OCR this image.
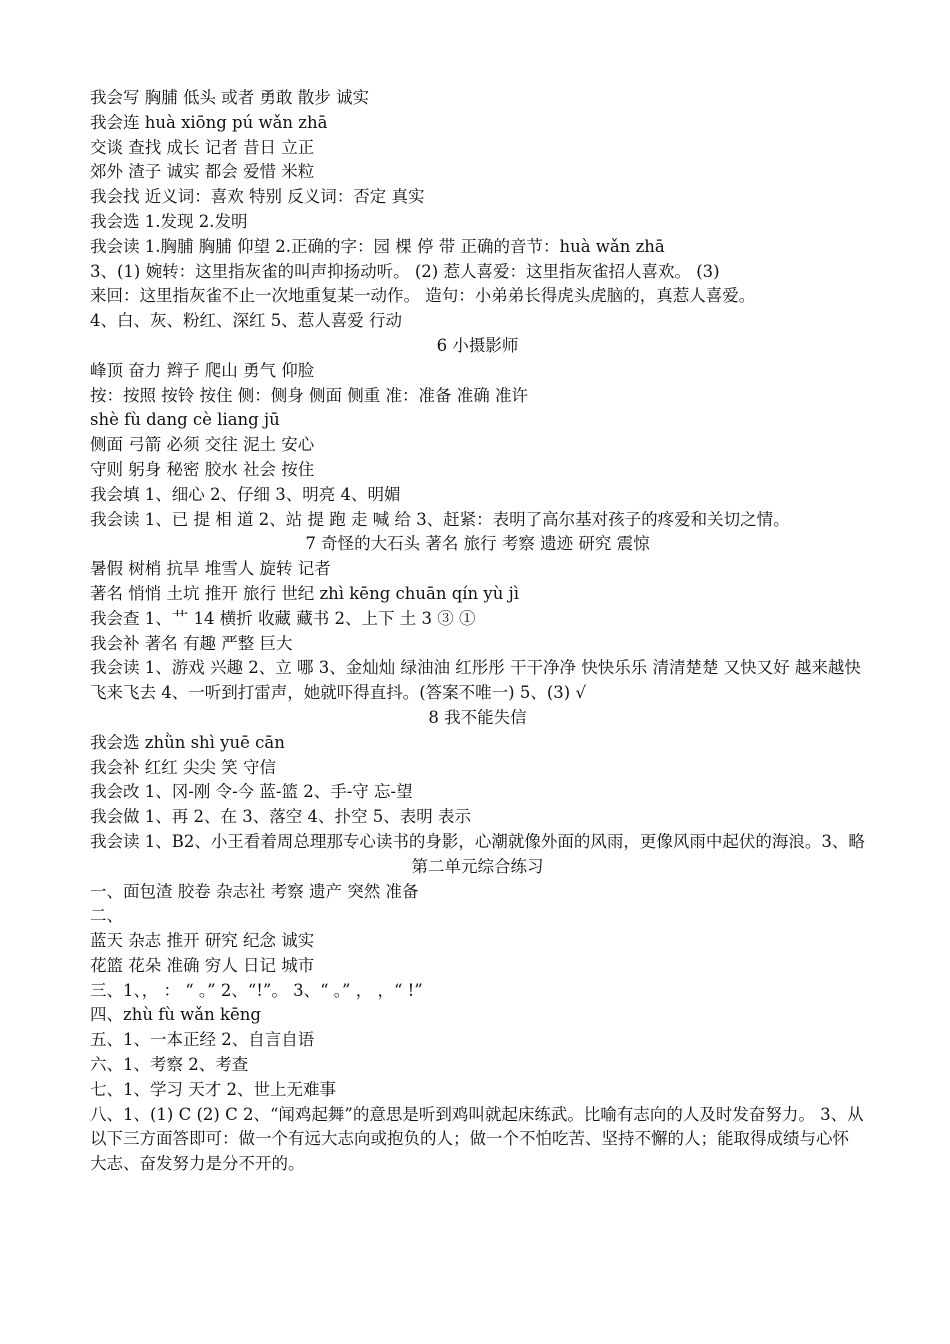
我会写 胸脯 低头 或者 勇敢 散步 诚实
我会连 huà xiōng pú wǎn zhā
交谈 查找 成长 记者 昔日 立正
郊外 渣子 诚实 都会 爱惜 米粒
我会找 近义词：喜欢 特别 反义词：否定 真实
我会选 1.发现 2.发明
我会读 1.胸脯 胸脯 仰望 2.正确的字：园 棵 停 带 正确的音节：huà wǎn zhā
3、(1) 婉转：这里指灰雀的叫声抑扬动听。 (2) 惹人喜爱：这里指灰雀招人喜欢。 (3)
来回：这里指灰雀不止一次地重复某一动作。 造句：小弟弟长得虎头虎脑的，真惹人喜爱。
4、白、灰、粉红、深红 5、惹人喜爱 行动
6 小摄影师
峰顶 奋力 辫子 爬山 勇气 仰脸
按：按照 按铃 按住 侧：侧身 侧面 侧重 准：准备 准确 准许
shè fù dang cè liang jū
侧面 弓箭 必须 交往 泥土 安心
守则 躬身 秘密 胶水 社会 按住
我会填 1、细心 2、仔细 3、明亮 4、明媚
我会读 1、已 提 相 道 2、站 提 跑 走 喊 给 3、赶紧：表明了高尔基对孩子的疼爱和关切之情。
7 奇怪的大石头 著名 旅行 考察 遗迹 研究 震惊
暑假 树梢 抗旱 堆雪人 旋转 记者
著名 悄悄 土坑 推开 旅行 世纪 zhì kēng chuān qín yù jì
我会查 1、艹 14 横折 收藏 藏书 2、上下 土 3 ③ ①
我会补 著名 有趣 严整 巨大
我会读 1、游戏 兴趣 2、立 哪 3、金灿灿 绿油油 红彤彤 干干净净 快快乐乐 清清楚楚 又快又好 越来越快 飞来飞去 4、一听到打雷声，她就吓得直抖。(答案不唯一) 5、(3) √
8 我不能失信
我会选 zhǜn shì yuē cān
我会补 红红 尖尖 笑 守信
我会改 1、冈-刚 令-今 蓝-篮 2、手-守 忘-望
我会做 1、再 2、在 3、落空 4、扑空 5、表明 表示
我会读 1、B2、小王看着周总理那专心读书的身影，心潮就像外面的风雨，更像风雨中起伏的海浪。3、略
第二单元综合练习
一、面包渣 胶卷 杂志社 考察 遗产 突然 准备
二、
蓝天 杂志 推开 研究 纪念 诚实
花篮 花朵 准确 穷人 日记 城市
三、1、， ： “ 。” 2、“!”。 3、“ 。” ， ，“ !”
四、zhù fù wǎn kēng
五、1、一本正经 2、自言自语
六、1、考察 2、考查
七、1、学习 天才 2、世上无难事
八、1、(1) C (2) C 2、“闻鸡起舞”的意思是听到鸡叫就起床练武。比喻有志向的人及时发奋努力。 3、从以下三方面答即可：做一个有远大志向或抱负的人；做一个不怕吃苦、坚持不懈的人；能取得成绩与心怀大志、奋发努力是分不开的。
